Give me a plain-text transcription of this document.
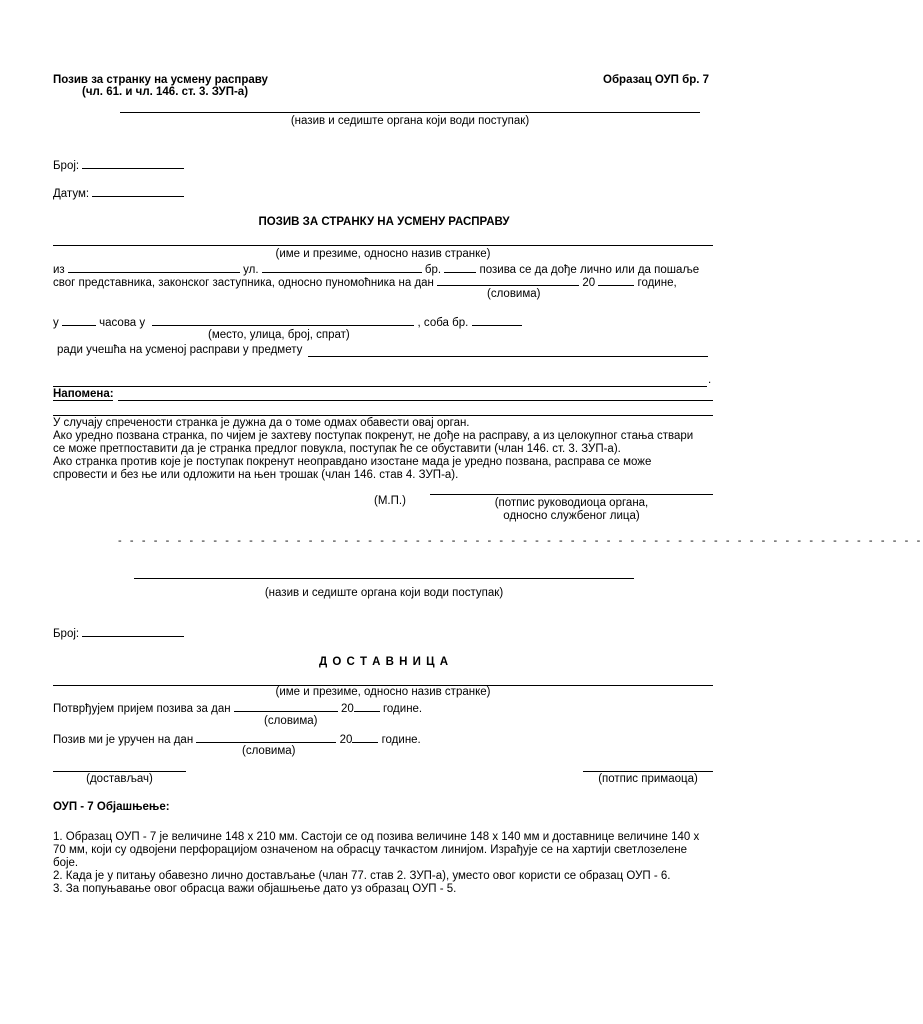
Позив за странку на усмену расправу
(чл. 61. и чл. 146. ст. 3. ЗУП-а)
Образац ОУП бр. 7
(назив и седиште органа који води поступак)
Број:
Датум:
ПОЗИВ ЗА СТРАНКУ НА УСМЕНУ РАСПРАВУ
(име и презиме, односно назив странке)
из	ул.	бр.	позива се да дође лично или да пошаље
свог представника, законског заступника, односно пуномоћника на дан	20	године,
(словима)
у	часова у	, соба бр.
(место, улица, број, спрат)
ради учешћа на усменој расправи у предмету
.
Напомена:
У случају спречености странка је дужна да о томе одмах обавести овај орган.
Ако уредно позвана странка, по чијем је захтеву поступак покренут, не дође на расправу, а из целокупног стања ствари
се може претпоставити да је странка предлог повукла, поступак ће се обуставити (члан 146. ст. 3. ЗУП-а).
Ако странка против које је поступак покренут неоправдано изостане мада је уредно позвана, расправа се може
спровести и без ње или одложити на њен трошак (члан 146. став 4. ЗУП-а).
(М.П.)	(потпис руководиоца органа,
односно службеног лица)
- - - - - - - - - - - - - - - - - - - - - - - - - - - - - - - - - - - - - - - - - - - - - - - - - - - - - - - - - - - - - - - - - - - -
(назив и седиште органа који води поступак)
Број:
Д О С Т А В Н И Ц А
(име и презиме, односно назив странке)
Потврђујем пријем позива за дан	20	године.
(словима)
Позив ми је уручен на дан	20	године.
(словима)
(достављач)	(потпис примаоца)
ОУП - 7 Објашњење:
1. Образац ОУП - 7 је величине 148 х 210 мм. Састоји се од позива величине 148 х 140 мм и доставнице величине 140 х
70 мм, који су одвојени перфорацијом означеном на обрасцу тачкастом линијом. Израђује се на хартији светлозелене
боје.
2. Када је у питању обавезно лично достављање (члан 77. став 2. ЗУП-а), уместо овог користи се образац ОУП - 6.
3. За попуњавање овог обрасца важи објашњење дато уз образац ОУП - 5.
